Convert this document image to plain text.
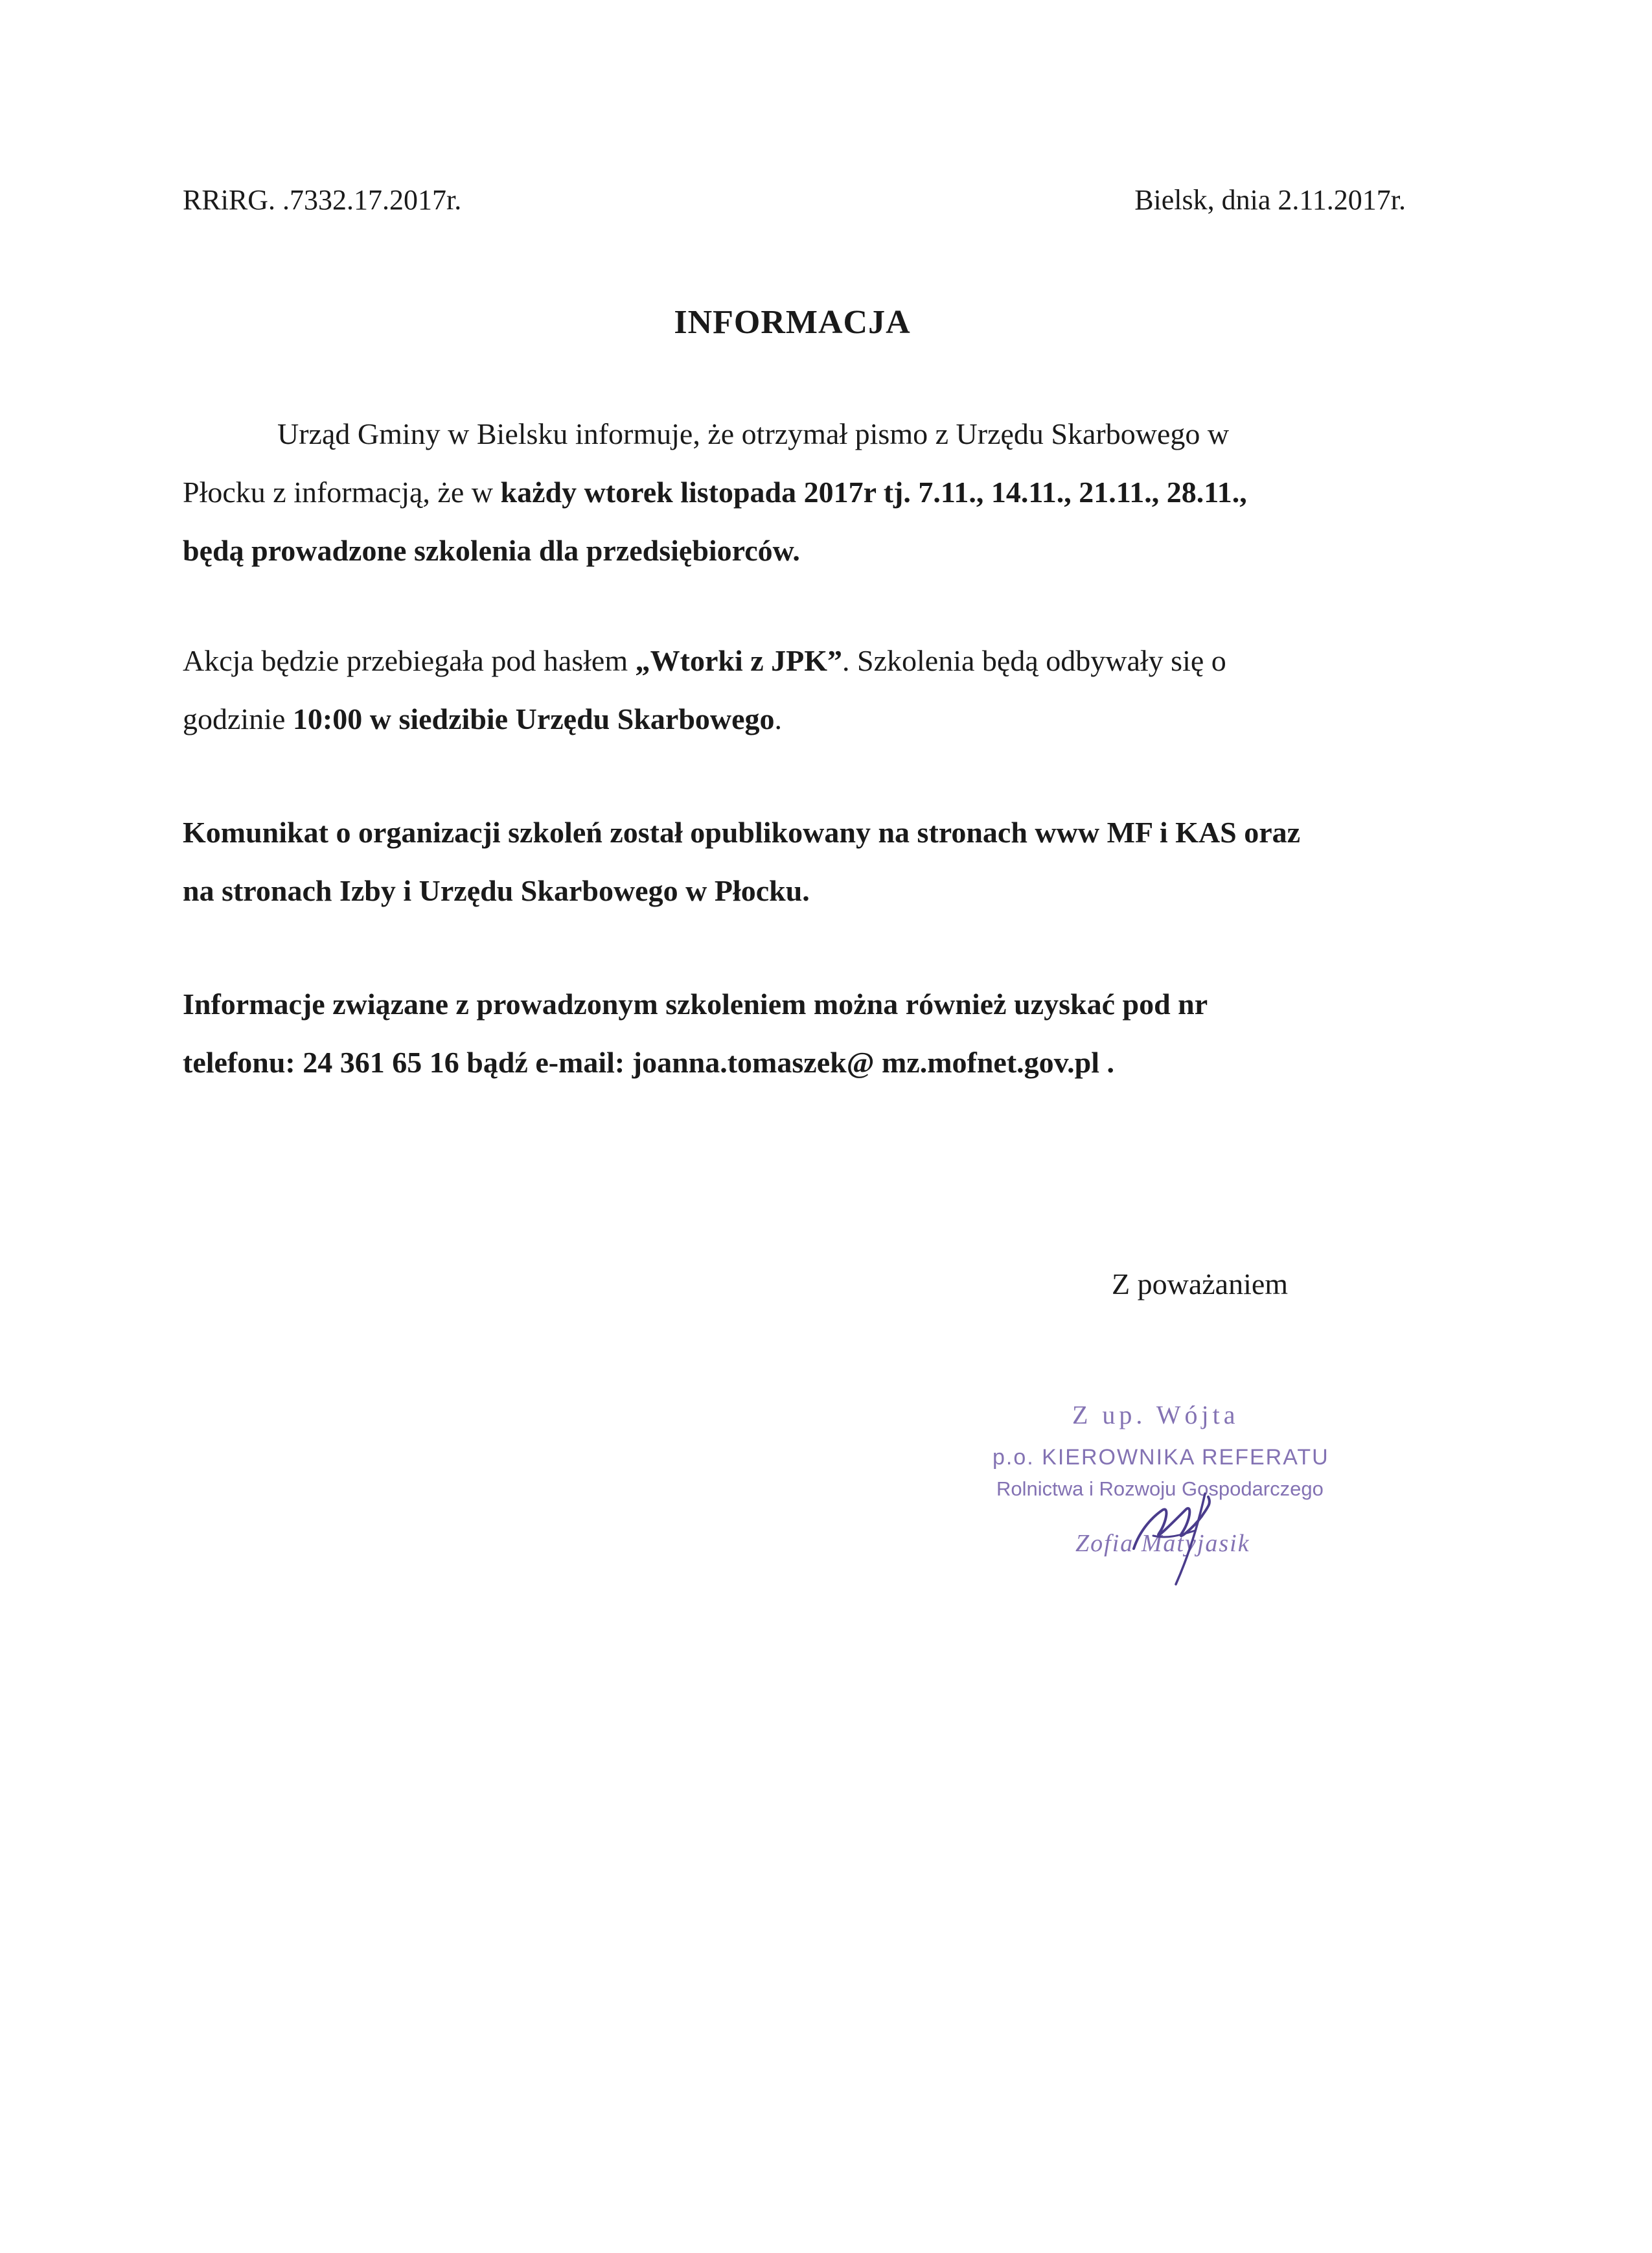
RRiRG. .7332.17.2017r.	Bielsk, dnia 2.11.2017r.
INFORMACJA
Urząd Gminy w Bielsku informuje, że otrzymał pismo z Urzędu Skarbowego w
Płocku z informacją, że w każdy wtorek listopada 2017r tj. 7.11., 14.11., 21.11., 28.11.,
będą prowadzone szkolenia dla przedsiębiorców.
Akcja będzie przebiegała pod hasłem „Wtorki z JPK”. Szkolenia będą odbywały się o
godzinie 10:00 w siedzibie Urzędu Skarbowego.
Komunikat o organizacji szkoleń został opublikowany na stronach www MF i KAS oraz
na stronach Izby i Urzędu Skarbowego w Płocku.
Informacje związane z prowadzonym szkoleniem można również uzyskać pod nr
telefonu: 24 361 65 16 bądź e-mail: joanna.tomaszek@ mz.mofnet.gov.pl .
Z poważaniem
Z up. Wójta
p.o. KIEROWNIKA REFERATU
Rolnictwa i Rozwoju Gospodarczego
Zofia Matyjasik
